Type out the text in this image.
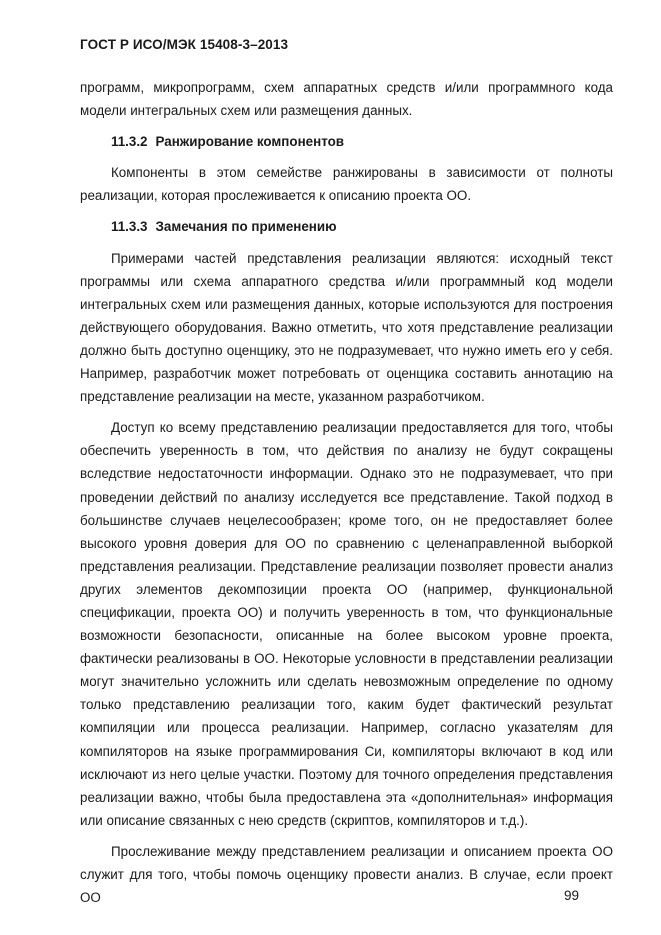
ГОСТ Р ИСО/МЭК 15408-3–2013

программ, микропрограмм, схем аппаратных средств и/или программного кода модели интегральных схем или размещения данных.

11.3.2 Ранжирование компонентов

Компоненты в этом семействе ранжированы в зависимости от полноты реализации, которая прослеживается к описанию проекта ОО.

11.3.3 Замечания по применению

Примерами частей представления реализации являются: исходный текст программы или схема аппаратного средства и/или программный код модели интегральных схем или размещения данных, которые используются для построения действующего оборудования. Важно отметить, что хотя представление реализации должно быть доступно оценщику, это не подразумевает, что нужно иметь его у себя. Например, разработчик может потребовать от оценщика составить аннотацию на представление реализации на месте, указанном разработчиком.

Доступ ко всему представлению реализации предоставляется для того, чтобы обеспечить уверенность в том, что действия по анализу не будут сокращены вследствие недостаточности информации. Однако это не подразумевает, что при проведении действий по анализу исследуется все представление. Такой подход в большинстве случаев нецелесообразен; кроме того, он не предоставляет более высокого уровня доверия для ОО по сравнению с целенаправленной выборкой представления реализации. Представление реализации позволяет провести анализ других элементов декомпозиции проекта ОО (например, функциональной спецификации, проекта ОО) и получить уверенность в том, что функциональные возможности безопасности, описанные на более высоком уровне проекта, фактически реализованы в ОО. Некоторые условности в представлении реализации могут значительно усложнить или сделать невозможным определение по одному только представлению реализации того, каким будет фактический результат компиляции или процесса реализации. Например, согласно указателям для компиляторов на языке программирования Си, компиляторы включают в код или исключают из него целые участки. Поэтому для точного определения представления реализации важно, чтобы была предоставлена эта «дополнительная» информация или описание связанных с нею средств (скриптов, компиляторов и т.д.).

Прослеживание между представлением реализации и описанием проекта ОО служит для того, чтобы помочь оценщику провести анализ. В случае, если проект ОО	99
